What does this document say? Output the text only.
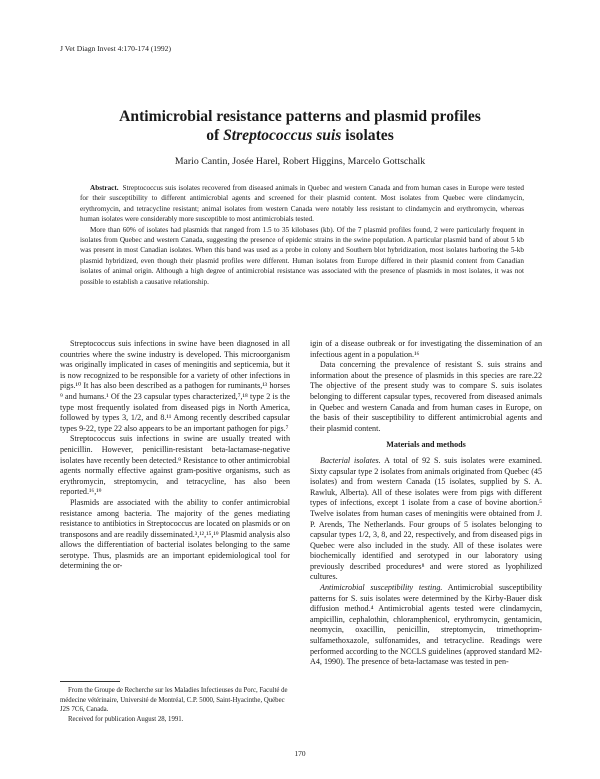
J Vet Diagn Invest 4:170-174 (1992)
Antimicrobial resistance patterns and plasmid profiles
of Streptococcus suis isolates
Mario Cantin, Josée Harel, Robert Higgins, Marcelo Gottschalk

Abstract. Streptococcus suis isolates recovered from diseased animals in Quebec and western Canada and from human cases in Europe were tested for their susceptibility to different antimicrobial agents and screened for their plasmid content. Most isolates from Quebec were clindamycin, erythromycin, and tetracycline resistant; animal isolates from western Canada were notably less resistant to clindamycin and erythromycin, whereas human isolates were considerably more susceptible to most antimicrobials tested.

More than 60% of isolates had plasmids that ranged from 1.5 to 35 kilobases (kb). Of the 7 plasmid profiles found, 2 were particularly frequent in isolates from Quebec and western Canada, suggesting the presence of epidemic strains in the swine population. A particular plasmid band of about 5 kb was present in most Canadian isolates. When this band was used as a probe in colony and Southern blot hybridization, most isolates harboring the 5-kb plasmid hybridized, even though their plasmid profiles were different. Human isolates from Europe differed in their plasmid content from Canadian isolates of animal origin. Although a high degree of antimicrobial resistance was associated with the presence of plasmids in most isolates, it was not possible to establish a causative relationship.

Streptococcus suis infections in swine have been diagnosed in all countries where the swine industry is developed. This microorganism was originally implicated in cases of meningitis and septicemia, but it is now recognized to be responsible for a variety of other infections in pigs.¹⁰ It has also been described as a pathogen for ruminants,¹³ horses ⁹ and humans.¹ Of the 23 capsular types characterized,⁷,¹⁸ type 2 is the type most frequently isolated from diseased pigs in North America, followed by types 3, 1/2, and 8.¹¹ Among recently described capsular types 9-22, type 22 also appears to be an important pathogen for pigs.⁷

Streptococcus suis infections in swine are usually treated with penicillin. However, penicillin-resistant beta-lactamase-negative isolates have recently been detected.⁹ Resistance to other antimicrobial agents normally effective against gram-positive organisms, such as erythromycin, streptomycin, and tetracycline, has also been reported.¹⁶,¹⁹

Plasmids are associated with the ability to confer antimicrobial resistance among bacteria. The majority of the genes mediating resistance to antibiotics in Streptococcus are located on plasmids or on transposons and are readily disseminated.³,¹²,¹⁵,¹⁹ Plasmid analysis also allows the differentiation of bacterial isolates belonging to the same serotype. Thus, plasmids are an important epidemiological tool for determining the or-

igin of a disease outbreak or for investigating the dissemination of an infectious agent in a population.¹⁶

Data concerning the prevalence of resistant S. suis strains and information about the presence of plasmids in this species are rare.22 The objective of the present study was to compare S. suis isolates belonging to different capsular types, recovered from diseased animals in Quebec and western Canada and from human cases in Europe, on the basis of their susceptibility to different antimicrobial agents and their plasmid content.

Materials and methods

Bacterial isolates. A total of 92 S. suis isolates were examined. Sixty capsular type 2 isolates from animals originated from Quebec (45 isolates) and from western Canada (15 isolates, supplied by S. A. Rawluk, Alberta). All of these isolates were from pigs with different types of infections, except 1 isolate from a case of bovine abortion.⁵ Twelve isolates from human cases of meningitis were obtained from J. P. Arends, The Netherlands. Four groups of 5 isolates belonging to capsular types 1/2, 3, 8, and 22, respectively, and from diseased pigs in Quebec were also included in the study. All of these isolates were biochemically identified and serotyped in our laboratory using previously described procedures⁸ and were stored as lyophilized cultures.

Antimicrobial susceptibility testing. Antimicrobial susceptibility patterns for S. suis isolates were determined by the Kirby-Bauer disk diffusion method.⁴ Antimicrobial agents tested were clindamycin, ampicillin, cephalothin, chloramphenicol, erythromycin, gentamicin, neomycin, oxacillin, penicillin, streptomycin, trimethoprim-sulfamethoxazole, sulfonamides, and tetracycline. Readings were performed according to the NCCLS guidelines (approved standard M2-A4, 1990). The presence of beta-lactamase was tested in pen-

From the Groupe de Recherche sur les Maladies Infectieuses du Porc, Faculté de médecine vétérinaire, Université de Montréal, C.P. 5000, Saint-Hyacinthe, Québec J2S 7C6, Canada.

Received for publication August 28, 1991.

170
